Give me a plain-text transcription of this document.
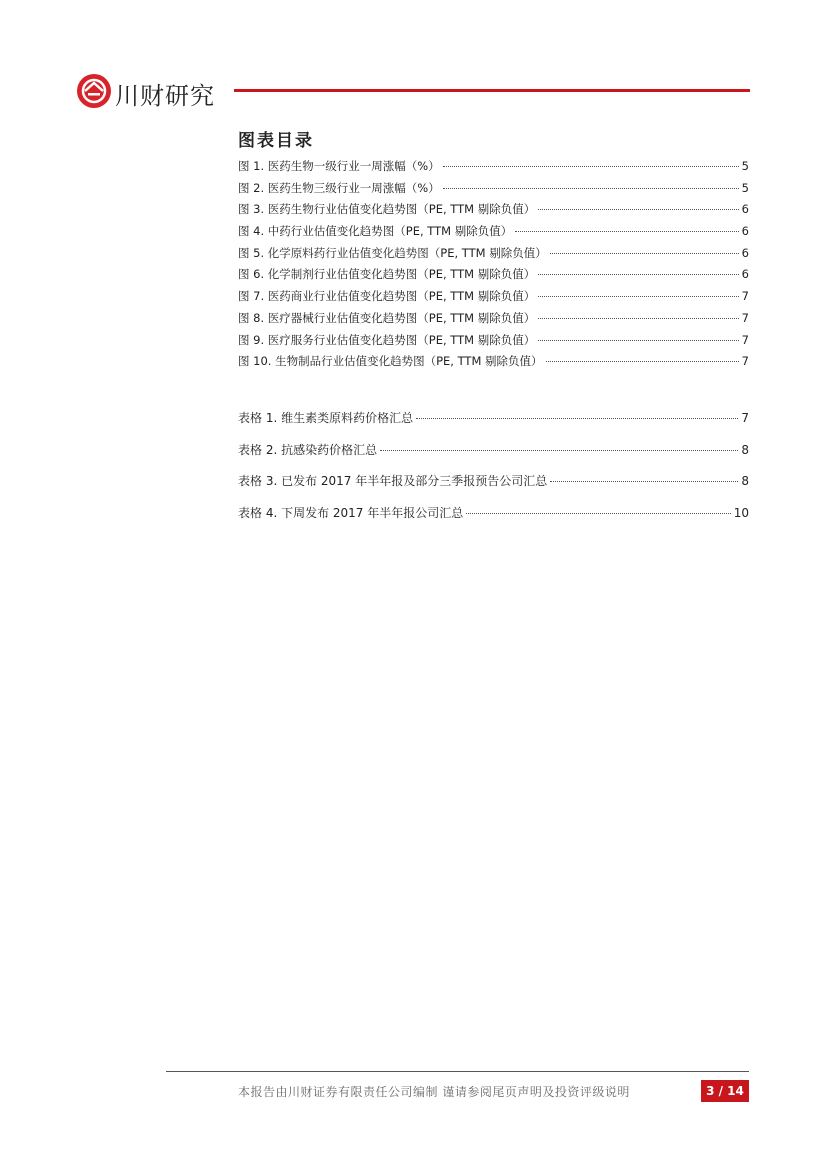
川财研究
图表目录
图 1. 医药生物一级行业一周涨幅（%）	5
图 2. 医药生物三级行业一周涨幅（%）	5
图 3. 医药生物行业估值变化趋势图（PE, TTM 剔除负值）	6
图 4. 中药行业估值变化趋势图（PE, TTM 剔除负值）	6
图 5. 化学原料药行业估值变化趋势图（PE, TTM 剔除负值）	6
图 6. 化学制剂行业估值变化趋势图（PE, TTM 剔除负值）	6
图 7. 医药商业行业估值变化趋势图（PE, TTM 剔除负值）	7
图 8. 医疗器械行业估值变化趋势图（PE, TTM 剔除负值）	7
图 9. 医疗服务行业估值变化趋势图（PE, TTM 剔除负值）	7
图 10. 生物制品行业估值变化趋势图（PE, TTM 剔除负值）	7
表格 1. 维生素类原料药价格汇总	7
表格 2. 抗感染药价格汇总	8
表格 3. 已发布 2017 年半年报及部分三季报预告公司汇总	8
表格 4. 下周发布 2017 年半年报公司汇总	10
本报告由川财证券有限责任公司编制 谨请参阅尾页声明及投资评级说明	3 / 14
